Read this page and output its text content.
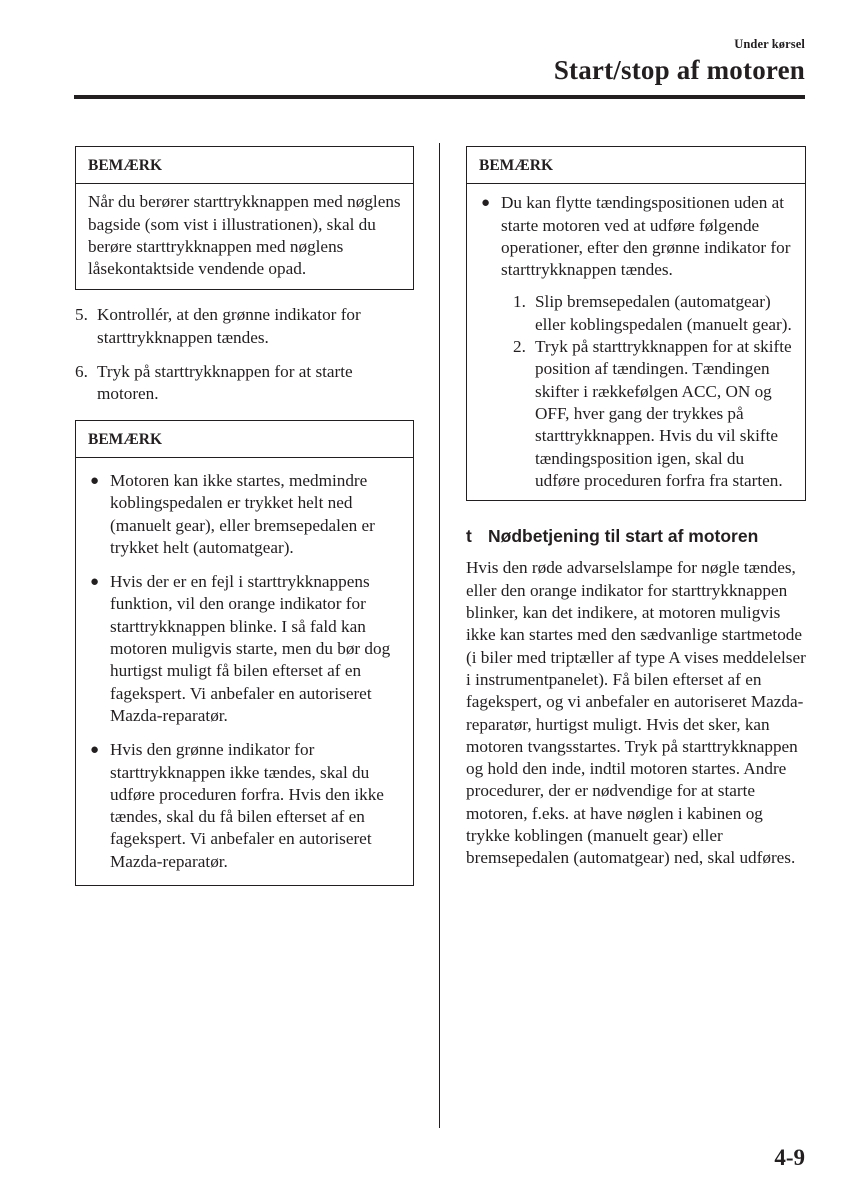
Under kørsel
Start/stop af motoren
BEMÆRK

Når du berører starttrykknappen med nøglens bagside (som vist i illustrationen), skal du berøre starttrykknappen med nøglens låsekontaktside vendende opad.

5. Kontrollér, at den grønne indikator for starttrykknappen tændes.
6. Tryk på starttrykknappen for at starte motoren.
BEMÆRK
● Motoren kan ikke startes, medmindre koblingspedalen er trykket helt ned (manuelt gear), eller bremsepedalen er trykket helt (automatgear).
● Hvis der er en fejl i starttrykknappens funktion, vil den orange indikator for starttrykknappen blinke. I så fald kan motoren muligvis starte, men du bør dog hurtigst muligt få bilen efterset af en fagekspert. Vi anbefaler en autoriseret Mazda-reparatør.
● Hvis den grønne indikator for starttrykknappen ikke tændes, skal du udføre proceduren forfra. Hvis den ikke tændes, skal du få bilen efterset af en fagekspert. Vi anbefaler en autoriseret Mazda-reparatør.
BEMÆRK
● Du kan flytte tændingspositionen uden at starte motoren ved at udføre følgende operationer, efter den grønne indikator for starttrykknappen tændes.
1. Slip bremsepedalen (automatgear) eller koblingspedalen (manuelt gear).
2. Tryk på starttrykknappen for at skifte position af tændingen. Tændingen skifter i rækkefølgen ACC, ON og OFF, hver gang der trykkes på starttrykknappen. Hvis du vil skifte tændingsposition igen, skal du udføre proceduren forfra fra starten.
t Nødbetjening til start af motoren

Hvis den røde advarselslampe for nøgle tændes, eller den orange indikator for starttrykknappen blinker, kan det indikere, at motoren muligvis ikke kan startes med den sædvanlige startmetode (i biler med triptæller af type A vises meddelelser i instrumentpanelet). Få bilen efterset af en fagekspert, og vi anbefaler en autoriseret Mazda-reparatør, hurtigst muligt. Hvis det sker, kan motoren tvangsstartes. Tryk på starttrykknappen og hold den inde, indtil motoren startes. Andre procedurer, der er nødvendige for at starte motoren, f.eks. at have nøglen i kabinen og trykke koblingen (manuelt gear) eller bremsepedalen (automatgear) ned, skal udføres.

4-9
